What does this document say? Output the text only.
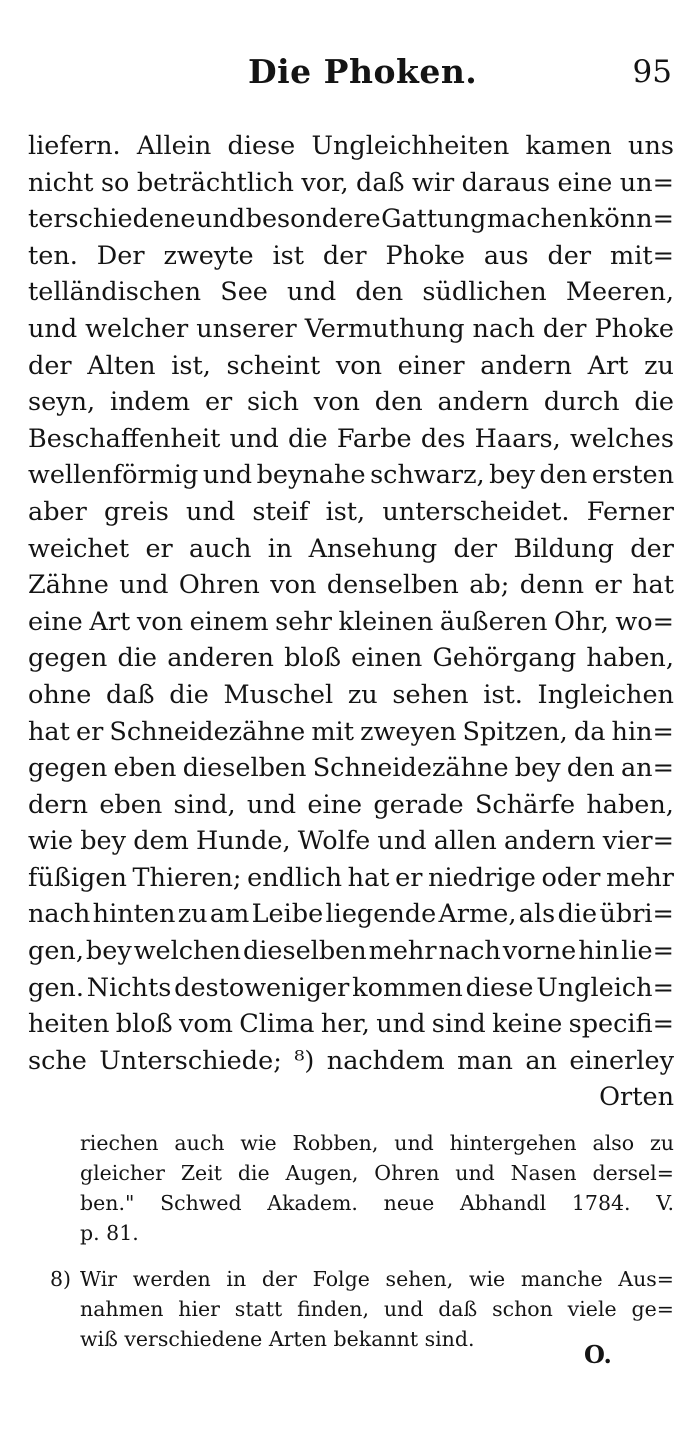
Die Phoken.	95
liefern. Allein diese Ungleichheiten kamen uns
nicht so beträchtlich vor, daß wir daraus eine un=
terschiedene und besondere Gattung machen könn=
ten. Der zweyte ist der Phoke aus der mit=
telländischen See und den südlichen Meeren,
und welcher unserer Vermuthung nach der Phoke
der Alten ist, scheint von einer andern Art zu
seyn, indem er sich von den andern durch die
Beschaffenheit und die Farbe des Haars, welches
wellenförmig und beynahe schwarz, bey den ersten
aber greis und steif ist, unterscheidet. Ferner
weichet er auch in Ansehung der Bildung der
Zähne und Ohren von denselben ab; denn er hat
eine Art von einem sehr kleinen äußeren Ohr, wo=
gegen die anderen bloß einen Gehörgang haben,
ohne daß die Muschel zu sehen ist. Ingleichen
hat er Schneidezähne mit zweyen Spitzen, da hin=
gegen eben dieselben Schneidezähne bey den an=
dern eben sind, und eine gerade Schärfe haben,
wie bey dem Hunde, Wolfe und allen andern vier=
füßigen Thieren; endlich hat er niedrige oder mehr
nach hinten zu am Leibe liegende Arme, als die übri=
gen, bey welchen dieselben mehr nach vorne hin lie=
gen. Nichts destoweniger kommen diese Ungleich=
heiten bloß vom Clima her, und sind keine specifi=
sche Unterschiede; ⁸) nachdem man an einerley
Orten
riechen auch wie Robben, und hintergehen also zu
gleicher Zeit die Augen, Ohren und Nasen dersel=
ben." Schwed Akadem. neue Abhandl 1784. V.
p. 81.
8) Wir werden in der Folge sehen, wie manche Aus=
nahmen hier statt finden, und daß schon viele ge=
wiß verschiedene Arten bekannt sind.
O.
